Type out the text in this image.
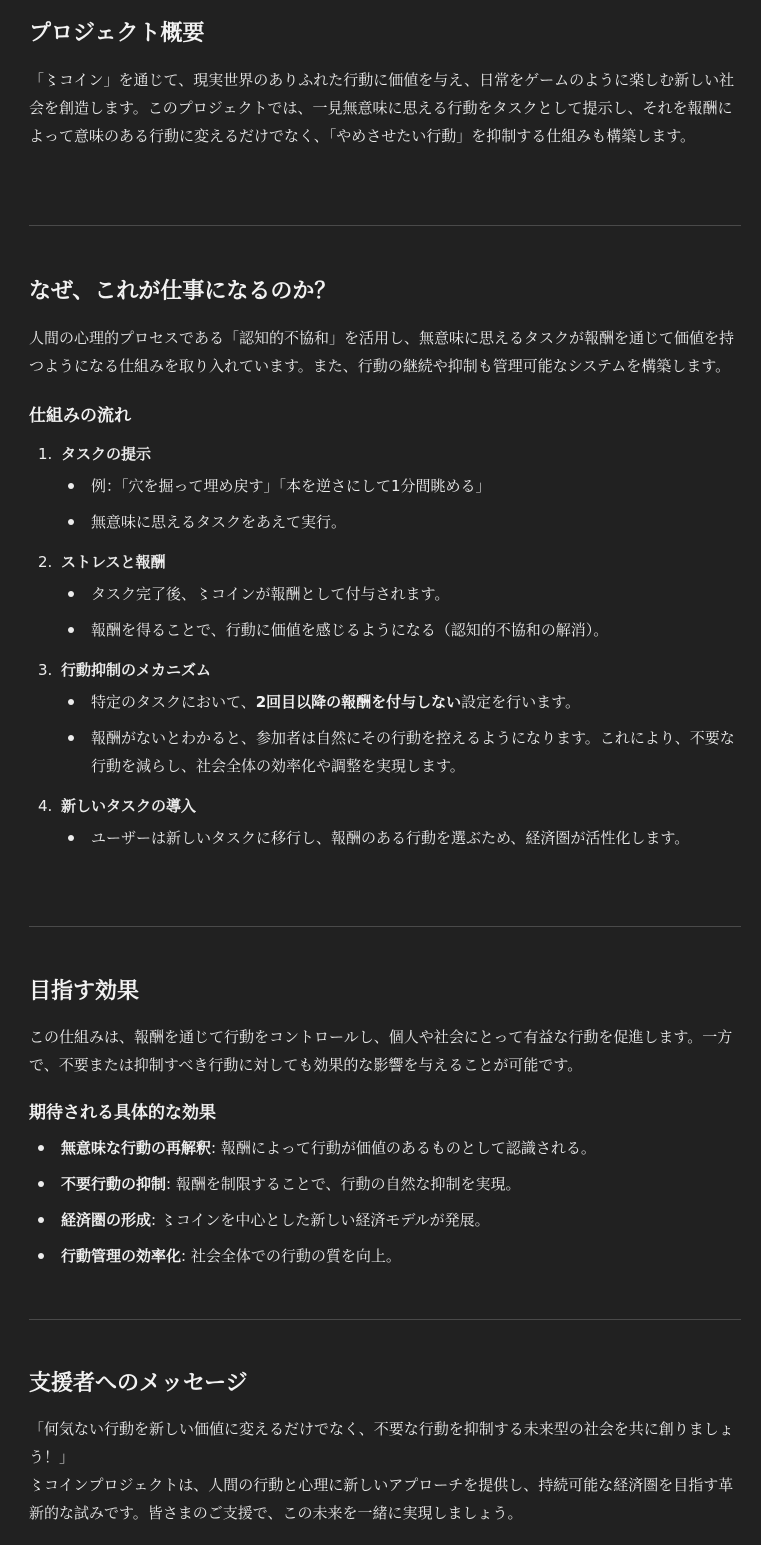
プロジェクト概要

「〻コイン」を通じて、現実世界のありふれた行動に価値を与え、日常をゲームのように楽しむ新しい社会を創造します。このプロジェクトでは、一見無意味に思える行動をタスクとして提示し、それを報酬によって意味のある行動に変えるだけでなく、「やめさせたい行動」を抑制する仕組みも構築します。

なぜ、これが仕事になるのか？

人間の心理的プロセスである「認知的不協和」を活用し、無意味に思えるタスクが報酬を通じて価値を持つようになる仕組みを取り入れています。また、行動の継続や抑制も管理可能なシステムを構築します。

仕組みの流れ
1. タスクの提示
例：「穴を掘って埋め戻す」「本を逆さにして1分間眺める」
無意味に思えるタスクをあえて実行。
2. ストレスと報酬
タスク完了後、〻コインが報酬として付与されます。
報酬を得ることで、行動に価値を感じるようになる（認知的不協和の解消）。
3. 行動抑制のメカニズム
特定のタスクにおいて、2回目以降の報酬を付与しない設定を行います。
報酬がないとわかると、参加者は自然にその行動を控えるようになります。これにより、不要な行動を減らし、社会全体の効率化や調整を実現します。
4. 新しいタスクの導入
ユーザーは新しいタスクに移行し、報酬のある行動を選ぶため、経済圏が活性化します。
目指す効果

この仕組みは、報酬を通じて行動をコントロールし、個人や社会にとって有益な行動を促進します。一方で、不要または抑制すべき行動に対しても効果的な影響を与えることが可能です。

期待される具体的な効果
無意味な行動の再解釈: 報酬によって行動が価値のあるものとして認識される。
不要行動の抑制: 報酬を制限することで、行動の自然な抑制を実現。
経済圏の形成: 〻コインを中心とした新しい経済モデルが発展。
行動管理の効率化: 社会全体での行動の質を向上。
支援者へのメッセージ

「何気ない行動を新しい価値に変えるだけでなく、不要な行動を抑制する未来型の社会を共に創りましょう！」

〻コインプロジェクトは、人間の行動と心理に新しいアプローチを提供し、持続可能な経済圏を目指す革新的な試みです。皆さまのご支援で、この未来を一緒に実現しましょう。
